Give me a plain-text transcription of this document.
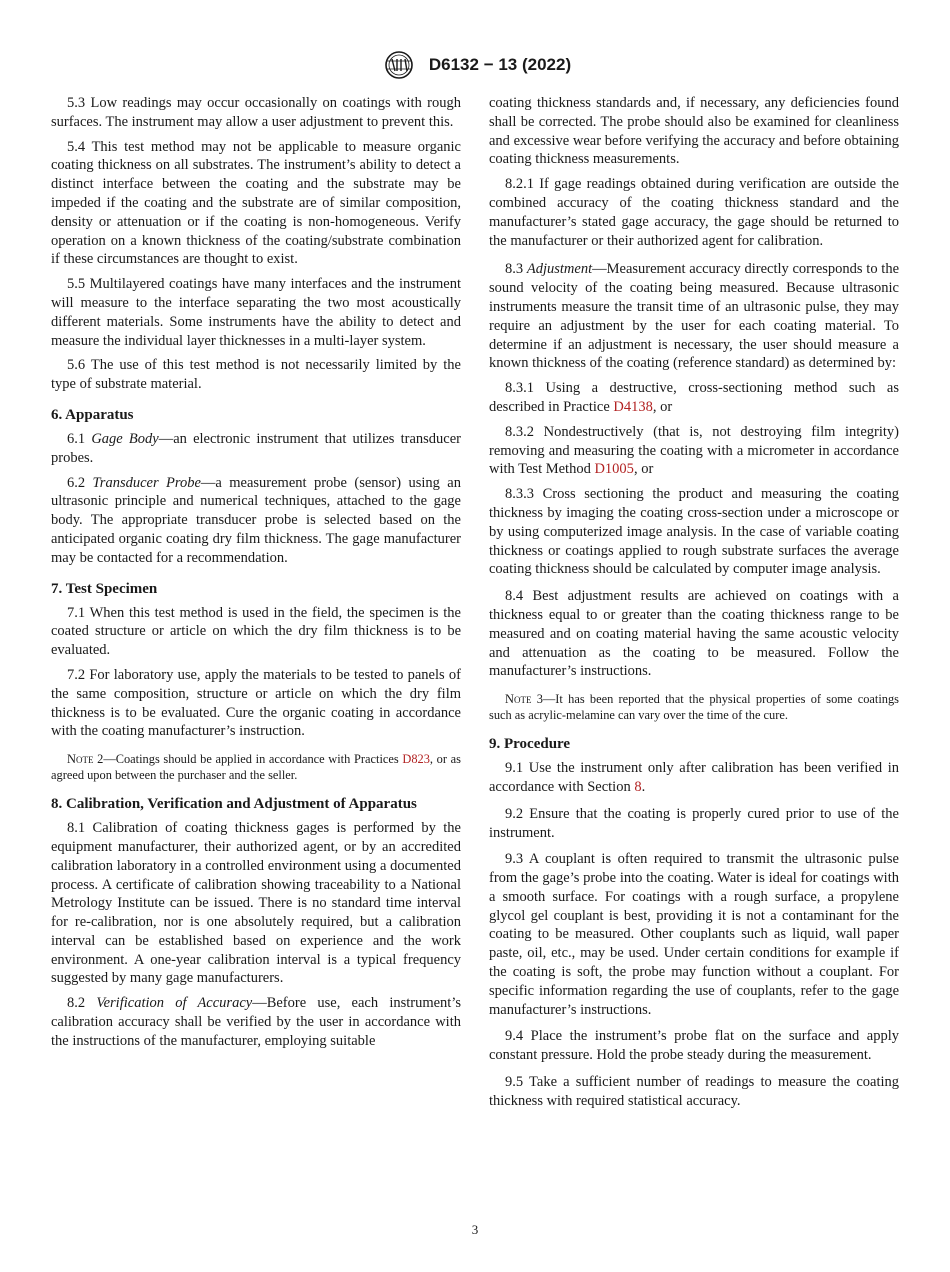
D6132 − 13 (2022)

5.3 Low readings may occur occasionally on coatings with rough surfaces. The instrument may allow a user adjustment to prevent this.

5.4 This test method may not be applicable to measure organic coating thickness on all substrates. The instrument’s ability to detect a distinct interface between the coating and the substrate may be impeded if the coating and the substrate are of similar composition, density or attenuation or if the coating is non-homogeneous. Verify operation on a known thickness of the coating/substrate combination if these circumstances are thought to exist.

5.5 Multilayered coatings have many interfaces and the instrument will measure to the interface separating the two most acoustically different materials. Some instruments have the ability to detect and measure the individual layer thicknesses in a multi-layer system.

5.6 The use of this test method is not necessarily limited by the type of substrate material.

6. Apparatus

6.1 Gage Body—an electronic instrument that utilizes transducer probes.

6.2 Transducer Probe—a measurement probe (sensor) using an ultrasonic principle and numerical techniques, attached to the gage body. The appropriate transducer probe is selected based on the anticipated organic coating dry film thickness. The gage manufacturer may be contacted for a recommendation.

7. Test Specimen

7.1 When this test method is used in the field, the specimen is the coated structure or article on which the dry film thickness is to be evaluated.

7.2 For laboratory use, apply the materials to be tested to panels of the same composition, structure or article on which the dry film thickness is to be evaluated. Cure the organic coating in accordance with the coating manufacturer’s instruction.

Note 2—Coatings should be applied in accordance with Practices D823, or as agreed upon between the purchaser and the seller.
8. Calibration, Verification and Adjustment of Apparatus

8.1 Calibration of coating thickness gages is performed by the equipment manufacturer, their authorized agent, or by an accredited calibration laboratory in a controlled environment using a documented process. A certificate of calibration showing traceability to a National Metrology Institute can be issued. There is no standard time interval for re-calibration, nor is one absolutely required, but a calibration interval can be established based on experience and the work environment. A one-year calibration interval is a typical frequency suggested by many gage manufacturers.

8.2 Verification of Accuracy—Before use, each instrument’s calibration accuracy shall be verified by the user in accordance with the instructions of the manufacturer, employing suitable

coating thickness standards and, if necessary, any deficiencies found shall be corrected. The probe should also be examined for cleanliness and excessive wear before verifying the accuracy and before obtaining coating thickness measurements.

8.2.1 If gage readings obtained during verification are outside the combined accuracy of the coating thickness standard and the manufacturer’s stated gage accuracy, the gage should be returned to the manufacturer or their authorized agent for calibration.

8.3 Adjustment—Measurement accuracy directly corresponds to the sound velocity of the coating being measured. Because ultrasonic instruments measure the transit time of an ultrasonic pulse, they may require an adjustment by the user for each coating material. To determine if an adjustment is necessary, the user should measure a known thickness of the coating (reference standard) as determined by:

8.3.1 Using a destructive, cross-sectioning method such as described in Practice D4138, or

8.3.2 Nondestructively (that is, not destroying film integrity) removing and measuring the coating with a micrometer in accordance with Test Method D1005, or

8.3.3 Cross sectioning the product and measuring the coating thickness by imaging the coating cross-section under a microscope or by using computerized image analysis. In the case of variable coating thickness or coatings applied to rough substrate surfaces the average coating thickness should be calculated by computer image analysis.

8.4 Best adjustment results are achieved on coatings with a thickness equal to or greater than the coating thickness range to be measured and on coating material having the same acoustic velocity and attenuation as the coating to be measured. Follow the manufacturer’s instructions.

Note 3—It has been reported that the physical properties of some coatings such as acrylic-melamine can vary over the time of the cure.
9. Procedure

9.1 Use the instrument only after calibration has been verified in accordance with Section 8.

9.2 Ensure that the coating is properly cured prior to use of the instrument.

9.3 A couplant is often required to transmit the ultrasonic pulse from the gage’s probe into the coating. Water is ideal for coatings with a smooth surface. For coatings with a rough surface, a propylene glycol gel couplant is best, providing it is not a contaminant for the coating to be measured. Other couplants such as liquid, wall paper paste, oil, etc., may be used. Under certain conditions for example if the coating is soft, the probe may function without a couplant. For specific information regarding the use of couplants, refer to the gage manufacturer’s instructions.

9.4 Place the instrument’s probe flat on the surface and apply constant pressure. Hold the probe steady during the measurement.

9.5 Take a sufficient number of readings to measure the coating thickness with required statistical accuracy.

3
